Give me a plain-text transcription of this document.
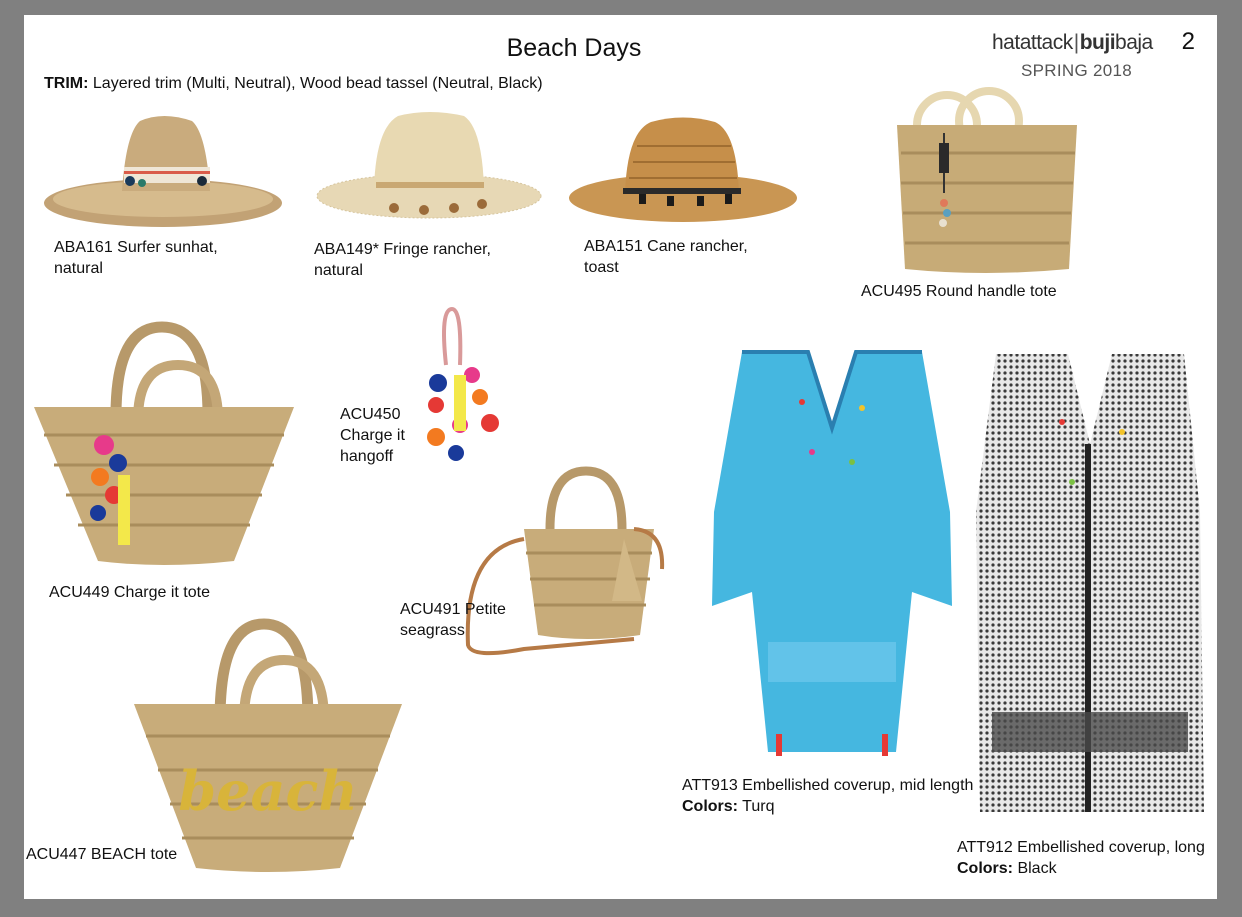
Beach Days	hatattack|bujibaja
SPRING 2018
2
TRIM: Layered trim (Multi, Neutral), Wood bead tassel (Neutral, Black)
ABA161 Surfer sunhat,
natural
ABA149* Fringe rancher,
natural
ABA151 Cane rancher,
toast
ACU495 Round handle tote
ACU449 Charge it tote
ACU450
Charge it
hangoff
ACU491 Petite
seagrass
beach
ACU447 BEACH tote
ATT913 Embellished coverup, mid length
Colors: Turq
ATT912 Embellished coverup, long
Colors: Black
